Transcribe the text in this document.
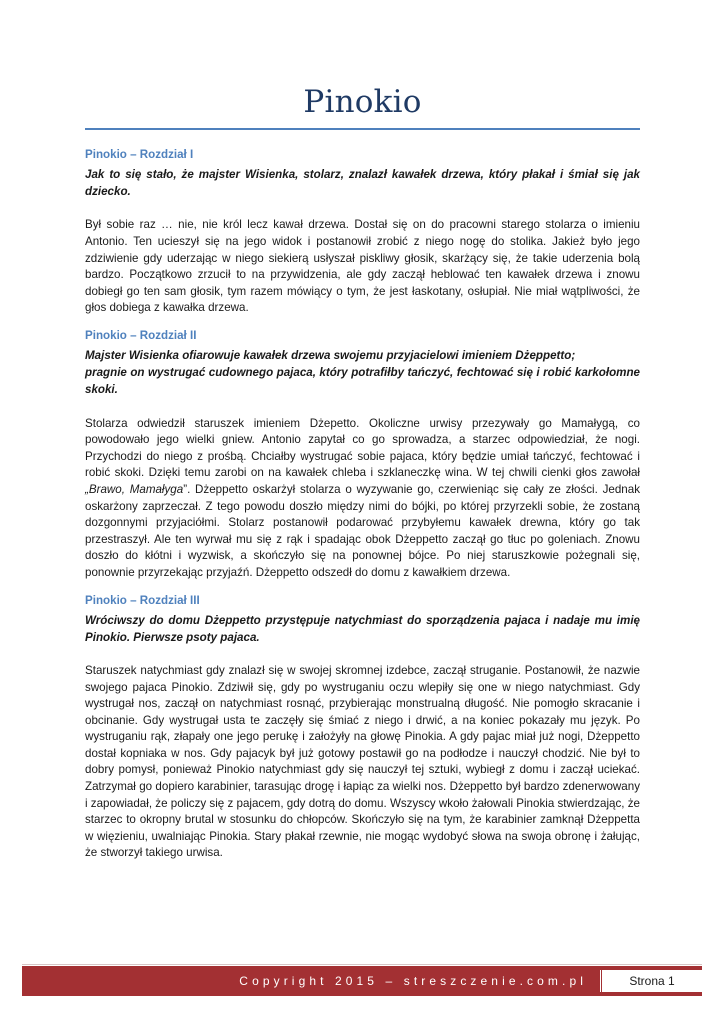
Pinokio
Pinokio – Rozdział I

Jak to się stało, że majster Wisienka, stolarz, znalazł kawałek drzewa, który płakał i śmiał się jak dziecko.

Był sobie raz … nie, nie król lecz kawał drzewa. Dostał się on do pracowni starego stolarza o imieniu Antonio. Ten ucieszył się na jego widok i postanowił zrobić z niego nogę do stolika. Jakież było jego zdziwienie gdy uderzając w niego siekierą usłyszał piskliwy głosik, skarżący się, że takie uderzenia bolą bardzo. Początkowo zrzucił to na przywidzenia, ale gdy zaczął heblować ten kawałek drzewa i znowu dobiegł go ten sam głosik, tym razem mówiący o tym, że jest łaskotany, osłupiał. Nie miał wątpliwości, że głos dobiega z kawałka drzewa.

Pinokio – Rozdział II

Majster Wisienka ofiarowuje kawałek drzewa swojemu przyjacielowi imieniem Dżeppetto;

pragnie on wystrugać cudownego pajaca, który potrafiłby tańczyć, fechtować się i robić karkołomne skoki.

Stolarza odwiedził staruszek imieniem Dżepetto. Okoliczne urwisy przezywały go Mamałygą, co powodowało jego wielki gniew. Antonio zapytał co go sprowadza, a starzec odpowiedział, że nogi. Przychodzi do niego z prośbą. Chciałby wystrugać sobie pajaca, który będzie umiał tańczyć, fechtować i robić skoki. Dzięki temu zarobi on na kawałek chleba i szklaneczkę wina. W tej chwili cienki głos zawołał „Brawo, Mamałyga”. Dżeppetto oskarżył stolarza o wyzywanie go, czerwieniąc się cały ze złości. Jednak oskarżony zaprzeczał. Z tego powodu doszło między nimi do bójki, po której przyrzekli sobie, że zostaną dozgonnymi przyjaciółmi. Stolarz postanowił podarować przybyłemu kawałek drewna, który go tak przestraszył. Ale ten wyrwał mu się z rąk i spadając obok Dżeppetto zaczął go tłuc po goleniach. Znowu doszło do kłótni i wyzwisk, a skończyło się na ponownej bójce. Po niej staruszkowie pożegnali się, ponownie przyrzekając przyjaźń. Dżeppetto odszedł do domu z kawałkiem drzewa.

Pinokio – Rozdział III

Wróciwszy do domu Dżeppetto przystępuje natychmiast do sporządzenia pajaca i nadaje mu imię Pinokio. Pierwsze psoty pajaca.

Staruszek natychmiast gdy znalazł się w swojej skromnej izdebce, zaczął struganie. Postanowił, że nazwie swojego pajaca Pinokio. Zdziwił się, gdy po wystruganiu oczu wlepiły się one w niego natychmiast. Gdy wystrugał nos, zaczął on natychmiast rosnąć, przybierając monstrualną długość. Nie pomogło skracanie i obcinanie. Gdy wystrugał usta te zaczęły się śmiać z niego i drwić, a na koniec pokazały mu język. Po wystruganiu rąk, złapały one jego perukę i założyły na głowę Pinokia. A gdy pajac miał już nogi, Dżeppetto dostał kopniaka w nos. Gdy pajacyk był już gotowy postawił go na podłodze i nauczył chodzić. Nie był to dobry pomysł, ponieważ Pinokio natychmiast gdy się nauczył tej sztuki, wybiegł z domu i zaczął uciekać. Zatrzymał go dopiero karabinier, tarasując drogę i łapiąc za wielki nos. Dżeppetto był bardzo zdenerwowany i zapowiadał, że policzy się z pajacem, gdy dotrą do domu. Wszyscy wkoło żałowali Pinokia stwierdzając, że starzec to okropny brutal w stosunku do chłopców. Skończyło się na tym, że karabinier zamknął Dżeppetta w więzieniu, uwalniając Pinokia. Stary płakał rzewnie, nie mogąc wydobyć słowa na swoja obronę i żałując, że stworzył takiego urwisa.

Copyright 2015 – streszczenie.com.pl	Strona 1
